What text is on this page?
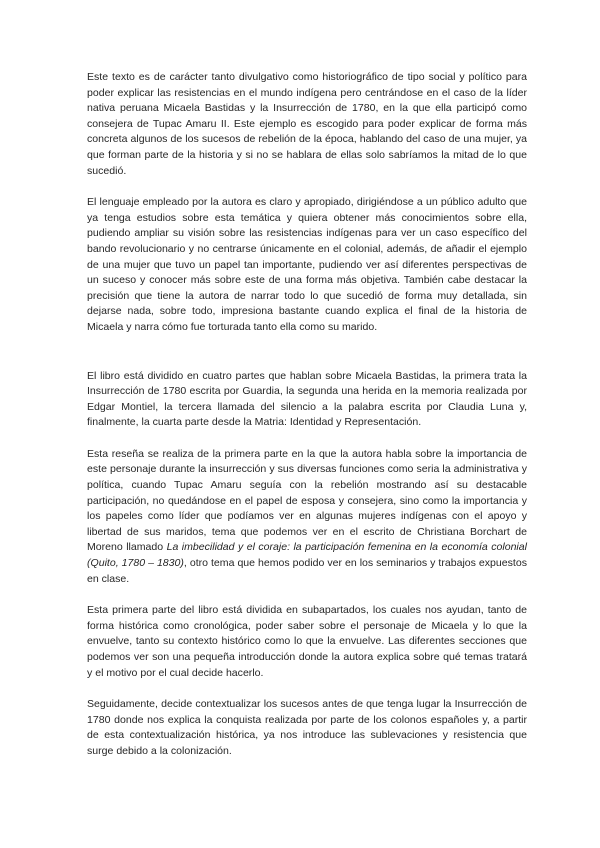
Este texto es de carácter tanto divulgativo como historiográfico de tipo social y político para poder explicar las resistencias en el mundo indígena pero centrándose en el caso de la líder nativa peruana Micaela Bastidas y la Insurrección de 1780, en la que ella participó como consejera de Tupac Amaru II. Este ejemplo es escogido para poder explicar de forma más concreta algunos de los sucesos de rebelión de la época, hablando del caso de una mujer, ya que forman parte de la historia y si no se hablara de ellas solo sabríamos la mitad de lo que sucedió.

El lenguaje empleado por la autora es claro y apropiado, dirigiéndose a un público adulto que ya tenga estudios sobre esta temática y quiera obtener más conocimientos sobre ella, pudiendo ampliar su visión sobre las resistencias indígenas para ver un caso específico del bando revolucionario y no centrarse únicamente en el colonial, además, de añadir el ejemplo de una mujer que tuvo un papel tan importante, pudiendo ver así diferentes perspectivas de un suceso y conocer más sobre este de una forma más objetiva. También cabe destacar la precisión que tiene la autora de narrar todo lo que sucedió de forma muy detallada, sin dejarse nada, sobre todo, impresiona bastante cuando explica el final de la historia de Micaela y narra cómo fue torturada tanto ella como su marido.

El libro está dividido en cuatro partes que hablan sobre Micaela Bastidas, la primera trata la Insurrección de 1780 escrita por Guardia, la segunda una herida en la memoria realizada por Edgar Montiel, la tercera llamada del silencio a la palabra escrita por Claudia Luna y, finalmente, la cuarta parte desde la Matria: Identidad y Representación.

Esta reseña se realiza de la primera parte en la que la autora habla sobre la importancia de este personaje durante la insurrección y sus diversas funciones como seria la administrativa y política, cuando Tupac Amaru seguía con la rebelión mostrando así su destacable participación, no quedándose en el papel de esposa y consejera, sino como la importancia y los papeles como líder que podíamos ver en algunas mujeres indígenas con el apoyo y libertad de sus maridos, tema que podemos ver en el escrito de Christiana Borchart de Moreno llamado La imbecilidad y el coraje: la participación femenina en la economía colonial (Quito, 1780 – 1830), otro tema que hemos podido ver en los seminarios y trabajos expuestos en clase.

Esta primera parte del libro está dividida en subapartados, los cuales nos ayudan, tanto de forma histórica como cronológica, poder saber sobre el personaje de Micaela y lo que la envuelve, tanto su contexto histórico como lo que la envuelve. Las diferentes secciones que podemos ver son una pequeña introducción donde la autora explica sobre qué temas tratará y el motivo por el cual decide hacerlo.

Seguidamente, decide contextualizar los sucesos antes de que tenga lugar la Insurrección de 1780 donde nos explica la conquista realizada por parte de los colonos españoles y, a partir de esta contextualización histórica, ya nos introduce las sublevaciones y resistencia que surge debido a la colonización.
